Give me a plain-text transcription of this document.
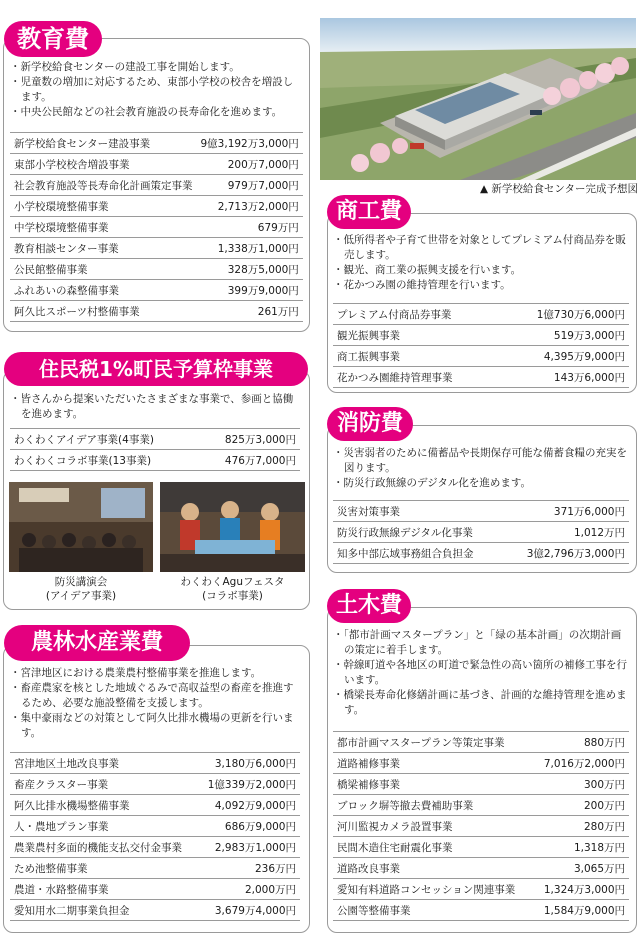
教育費
・ 新学校給食センターの建設工事を開始します。
・ 児童数の増加に対応するため、東部小学校の校舎を増設します。
・ 中央公民館などの社会教育施設の長寿命化を進めます。
新学校給食センター建設事業	9億3,192万3,000円
東部小学校校舎増設事業	200万7,000円
社会教育施設等長寿命化計画策定事業	979万7,000円
小学校環境整備事業	2,713万2,000円
中学校環境整備事業	679万円
教育相談センター事業	1,338万1,000円
公民館整備事業	328万5,000円
ふれあいの森整備事業	399万9,000円
阿久比スポーツ村整備事業	261万円
▲ 新学校給食センター完成予想図
商工費
・ 低所得者や子育て世帯を対象としてプレミアム付商品券を販売します。
・ 観光、商工業の振興支援を行います。
・ 花かつみ園の維持管理を行います。
プレミアム付商品券事業	1億730万6,000円
観光振興事業	519万3,000円
商工振興事業	4,395万9,000円
花かつみ園維持管理事業	143万6,000円
住民税1%町民予算枠事業
・ 皆さんから提案いただいたさまざまな事業で、参画と協働を進めます。
わくわくアイデア事業(4事業)	825万3,000円
わくわくコラボ事業(13事業)	476万7,000円
防災講演会
(アイデア事業)
わくわくAguフェスタ
(コラボ事業)
消防費
・ 災害弱者のために備蓄品や長期保存可能な備蓄食糧の充実を図ります。
・ 防災行政無線のデジタル化を進めます。
災害対策事業	371万6,000円
防災行政無線デジタル化事業	1,012万円
知多中部広域事務組合負担金	3億2,796万3,000円
農林水産業費
・ 宮津地区における農業農村整備事業を推進します。
・ 畜産農家を核とした地域ぐるみで高収益型の畜産を推進するため、必要な施設整備を支援します。
・ 集中豪雨などの対策として阿久比排水機場の更新を行います。
宮津地区土地改良事業	3,180万6,000円
畜産クラスター事業	1億339万2,000円
阿久比排水機場整備事業	4,092万9,000円
人・農地プラン事業	686万9,000円
農業農村多面的機能支払交付金事業	2,983万1,000円
ため池整備事業	236万円
農道・水路整備事業	2,000万円
愛知用水二期事業負担金	3,679万4,000円
土木費
・ 「都市計画マスタープラン」と「緑の基本計画」の次期計画の策定に着手します。
・ 幹線町道や各地区の町道で緊急性の高い箇所の補修工事を行います。
・ 橋梁長寿命化修繕計画に基づき、計画的な維持管理を進めます。
都市計画マスタープラン等策定事業	880万円
道路補修事業	7,016万2,000円
橋梁補修事業	300万円
ブロック塀等撤去費補助事業	200万円
河川監視カメラ設置事業	280万円
民間木造住宅耐震化事業	1,318万円
道路改良事業	3,065万円
愛知有料道路コンセッション関連事業	1,324万3,000円
公園等整備事業	1,584万9,000円
